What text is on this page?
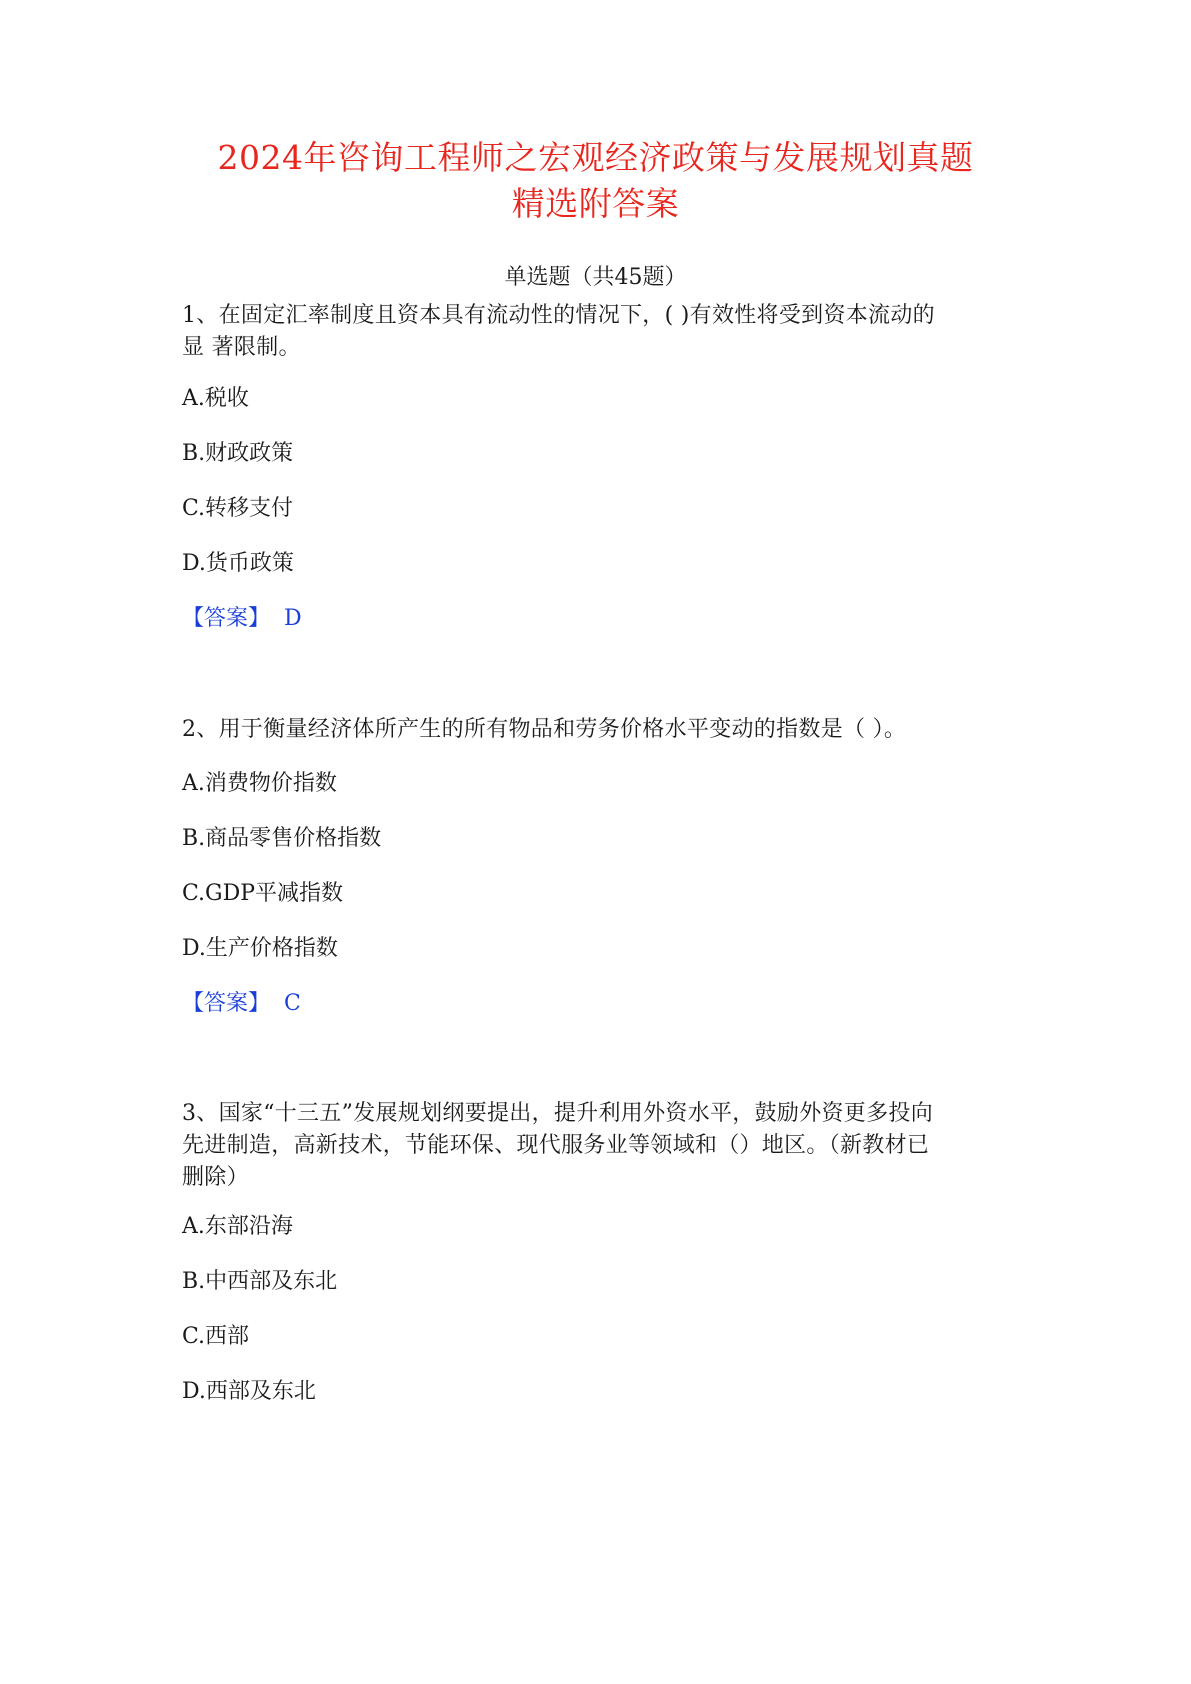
2024年咨询工程师之宏观经济政策与发展规划真题
精选附答案
单选题（共45题）
1、在固定汇率制度且资本具有流动性的情况下，( )有效性将受到资本流动的
显 著限制。
A.税收
B.财政政策
C.转移支付
D.货币政策
【答案】 D
2、用于衡量经济体所产生的所有物品和劳务价格水平变动的指数是（ ）。
A.消费物价指数
B.商品零售价格指数
C.GDP平减指数
D.生产价格指数
【答案】 C
3、国家“十三五”发展规划纲要提出，提升利用外资水平，鼓励外资更多投向
先进制造，高新技术，节能环保、现代服务业等领域和（）地区。（新教材已
删除）
A.东部沿海
B.中西部及东北
C.西部
D.西部及东北
